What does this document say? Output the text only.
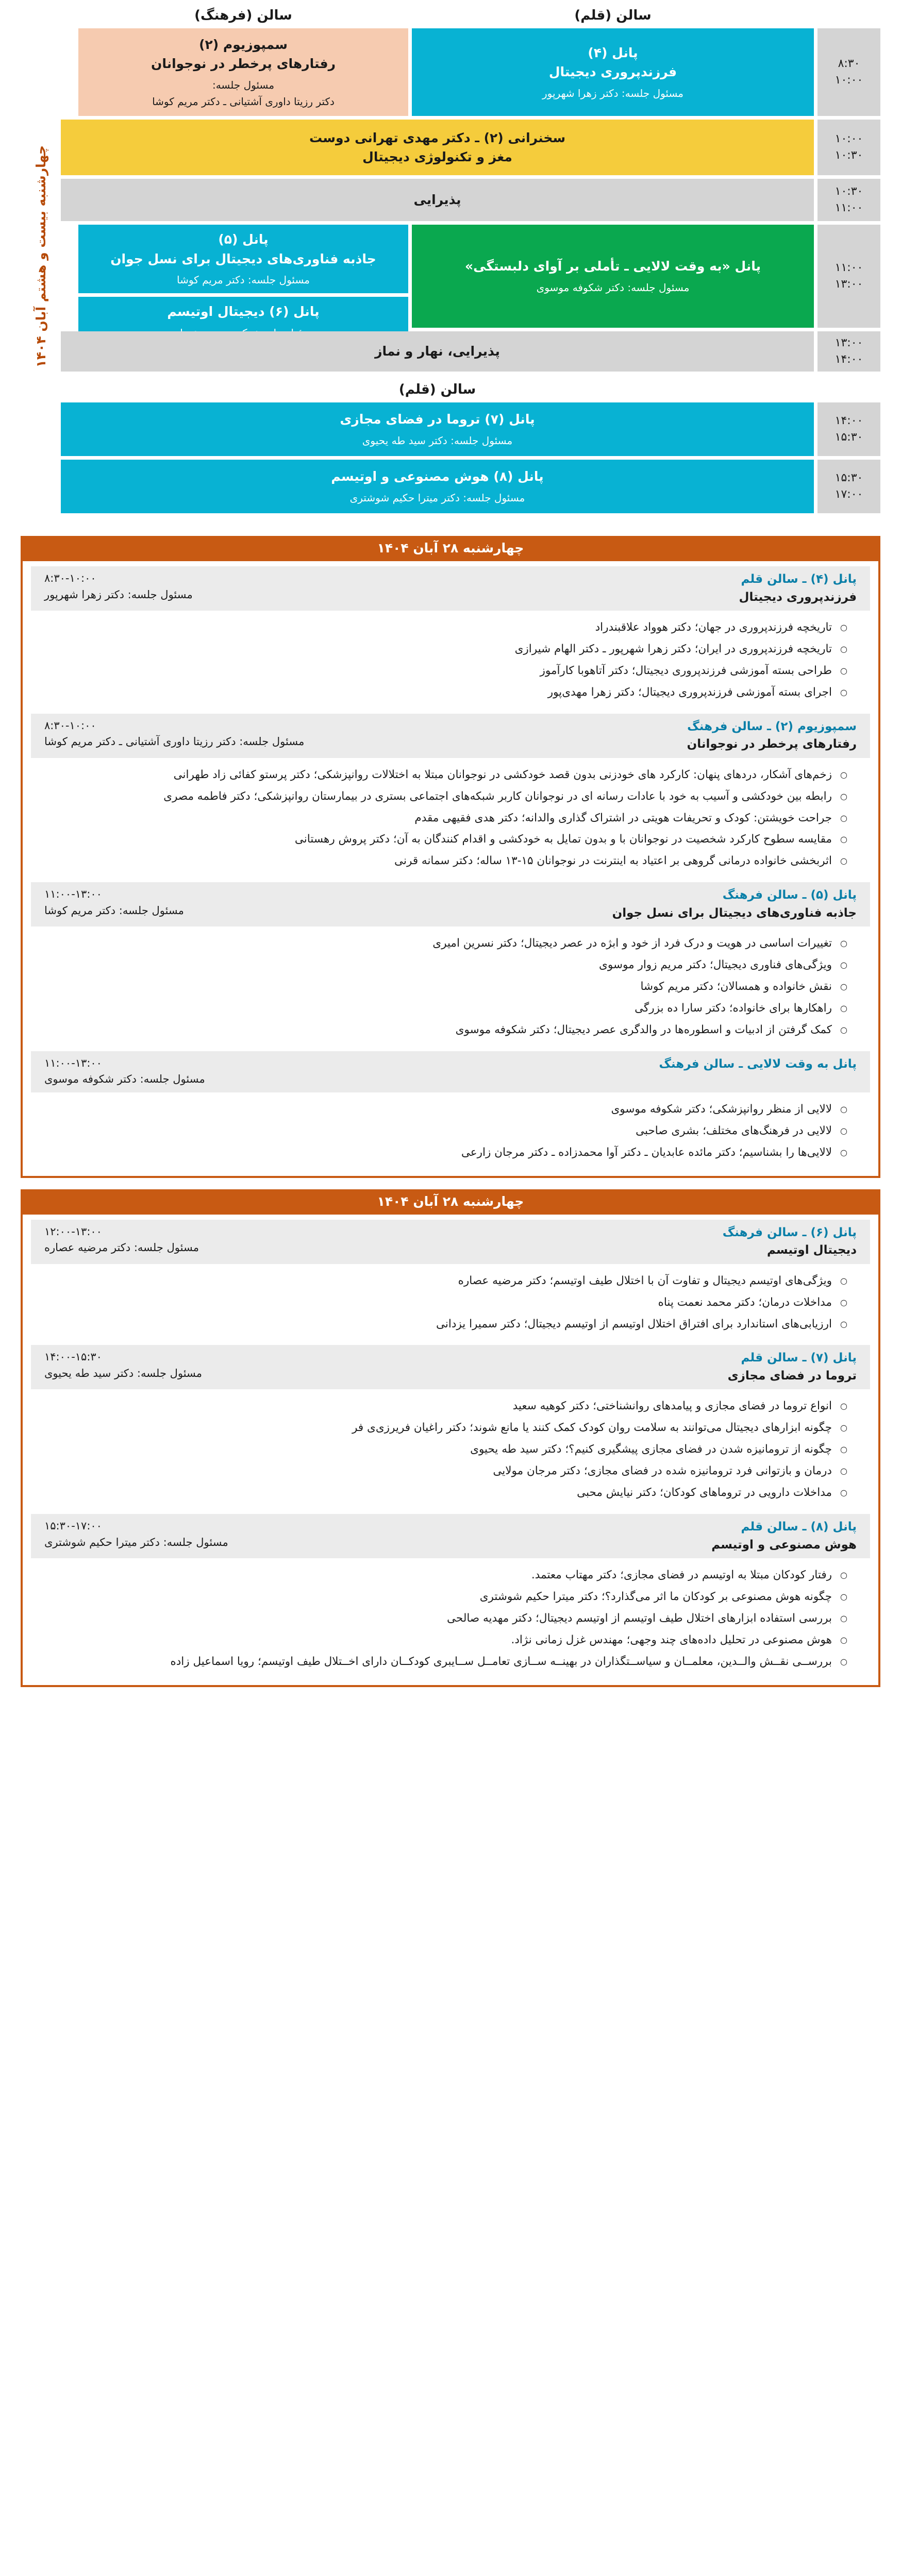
سالن (قلم)
سالن (فرهنگ)
۸:۳۰
۱۰:۰۰
پانل (۴)
فرزندپروری دیجیتال
مسئول جلسه: دکتر زهرا شهرپور
سمپوزیوم (۲)
رفتارهای پرخطر در نوجوانان
مسئول جلسه:
دکتر رزیتا داوری آشتیانی ـ دکتر مریم کوشا
۱۰:۰۰
۱۰:۳۰
سخنرانی (۲) ـ دکتر مهدی تهرانی دوست
مغز و تکنولوژی دیجیتال
۱۰:۳۰
۱۱:۰۰
پذیرایی
۱۱:۰۰
۱۳:۰۰
پانل «به وقت لالایی ـ تأملی بر آوای دلبستگی»
مسئول جلسه: دکتر شکوفه موسوی
پانل (۵)
جاذبه فناوری‌های دیجیتال برای نسل جوان
مسئول جلسه: دکتر مریم کوشا
پانل (۶) دیجیتال اوتیسم
۱۳:۰۰
۱۴:۰۰
پذیرایی، نهار و نماز
سالن (قلم)
۱۴:۰۰
۱۵:۳۰
پانل (۷) تروما در فضای مجازی
مسئول جلسه: دکتر سید طه یحیوی
۱۵:۳۰
۱۷:۰۰
پانل (۸) هوش مصنوعی و اوتیسم
مسئول جلسه: دکتر میترا حکیم شوشتری
چهارشنبه بیست و هشتم آبان ۱۴۰۴
چهارشنبه ۲۸ آبان ۱۴۰۴
پانل (۴) ـ سالن قلم
فرزندپروری دیجیتال
۸:۳۰-۱۰:۰۰
مسئول جلسه: دکتر زهرا شهرپور
○ تاریخچه فرزندپروری در جهان؛ دکتر هوواد علاقبندراد
○ تاریخچه فرزندپروری در ایران؛ دکتر زهرا شهرپور ـ دکتر الهام شیرازی
○ طراحی بسته آموزشی فرزندپروری دیجیتال؛ دکتر آتاهوبا کارآموز
○ اجرای بسته آموزشی فرزندپروری دیجیتال؛ دکتر زهرا مهدی‌پور
سمپوزیوم (۲) ـ سالن فرهنگ
رفتارهای پرخطر در نوجوانان
۸:۳۰-۱۰:۰۰
مسئول جلسه: دکتر رزیتا داوری آشتیانی ـ دکتر مریم کوشا
○ زخم‌های آشکار، دردهای پنهان: کارکرد های خودزنی بدون قصد خودکشی در نوجوانان مبتلا به اختلالات روانپزشکی؛ دکتر پرستو کفائی زاد طهرانی
○ رابطه بین خودکشی و آسیب به خود با عادات رسانه ای در نوجوانان کاربر شبکه‌های اجتماعی بستری در بیمارستان روانپزشکی؛ دکتر فاطمه مصری
○ جراحت خویشتن: کودک و تحریفات هویتی در اشتراک گذاری والدانه؛ دکتر هدی فقیهی مقدم
○ مقایسه سطوح کارکرد شخصیت در نوجوانان با و بدون تمایل به خودکشی و اقدام کنندگان به آن؛ دکتر پروش رهستانی
○ اثربخشی خانواده درمانی گروهی بر اعتیاد به اینترنت در نوجوانان ۱۵-۱۳ ساله؛ دکتر سمانه قرنی
پانل (۵) ـ سالن فرهنگ
جاذبه فناوری‌های دیجیتال برای نسل جوان
۱۱:۰۰-۱۳:۰۰
مسئول جلسه: دکتر مریم کوشا
○ تغییرات اساسی در هویت و درک فرد از خود و ابژه در عصر دیجیتال؛ دکتر نسرین امیری
○ ویژگی‌های فناوری دیجیتال؛ دکتر مریم زوار موسوی
○ نقش خانواده و همسالان؛ دکتر مریم کوشا
○ راهکارها برای خانواده؛ دکتر سارا ده بزرگی
○ کمک گرفتن از ادبیات و اسطوره‌ها در والدگری عصر دیجیتال؛ دکتر شکوفه موسوی
پانل به وقت لالایی ـ سالن فرهنگ
۱۱:۰۰-۱۳:۰۰
مسئول جلسه: دکتر شکوفه موسوی
○ لالایی از منظر روانپزشکی؛ دکتر شکوفه موسوی
○ لالایی در فرهنگ‌های مختلف؛ بشری صاحبی
○ لالایی‌ها را بشناسیم؛ دکتر مائده عابدیان ـ دکتر آوا محمدزاده ـ دکتر مرجان زارعی
چهارشنبه ۲۸ آبان ۱۴۰۴
پانل (۶) ـ سالن فرهنگ
دیجیتال اوتیسم
۱۲:۰۰-۱۳:۰۰
مسئول جلسه: دکتر مرضیه عصاره
○ ویژگی‌های اوتیسم دیجیتال و تفاوت آن با اختلال طیف اوتیسم؛ دکتر مرضیه عصاره
○ مداخلات درمان؛ دکتر محمد نعمت پناه
○ ارزیابی‌های استاندارد برای افتراق اختلال اوتیسم از اوتیسم دیجیتال؛ دکتر سمیرا یزدانی
پانل (۷) ـ سالن قلم
تروما در فضای مجازی
۱۴:۰۰-۱۵:۳۰
مسئول جلسه: دکتر سید طه یحیوی
○ انواع تروما در فضای مجازی و پیامدهای روانشناختی؛ دکتر کوهیه سعید
○ چگونه ابزارهای دیجیتال می‌توانند به سلامت روان کودک کمک کنند یا مانع شوند؛ دکتر راغیان فریرزی‌ی فر
○ چگونه از ترومانیزه شدن در فضای مجازی پیشگیری کنیم؟؛ دکتر سید طه یحیوی
○ درمان و بازتوانی فرد ترومانیزه شده در فضای مجازی؛ دکتر مرجان مولایی
○ مداخلات دارویی در تروماهای کودکان؛ دکتر نیایش محبی
پانل (۸) ـ سالن قلم
هوش مصنوعی و اوتیسم
۱۵:۳۰-۱۷:۰۰
مسئول جلسه: دکتر میترا حکیم شوشتری
○ رفتار کودکان مبتلا به اوتیسم در فضای مجازی؛ دکتر مهتاب معتمد.
○ چگونه هوش مصنوعی بر کودکان ما اثر می‌گذارد؟؛ دکتر میترا حکیم شوشتری
○ بررسی استفاده ابزارهای اختلال طیف اوتیسم از اوتیسم دیجیتال؛ دکتر مهدیه صالحی
○ هوش مصنوعی در تحلیل داده‌های چند وجهی؛ مهندس غزل زمانی نژاد.
○ بررســی نقــش والــدین، معلمــان و سیاســتگذاران در بهینــه ســازی تعامــل ســایبری کودکــان دارای اخــتلال طیف اوتیسم؛ رویا اسماعیل زاده
